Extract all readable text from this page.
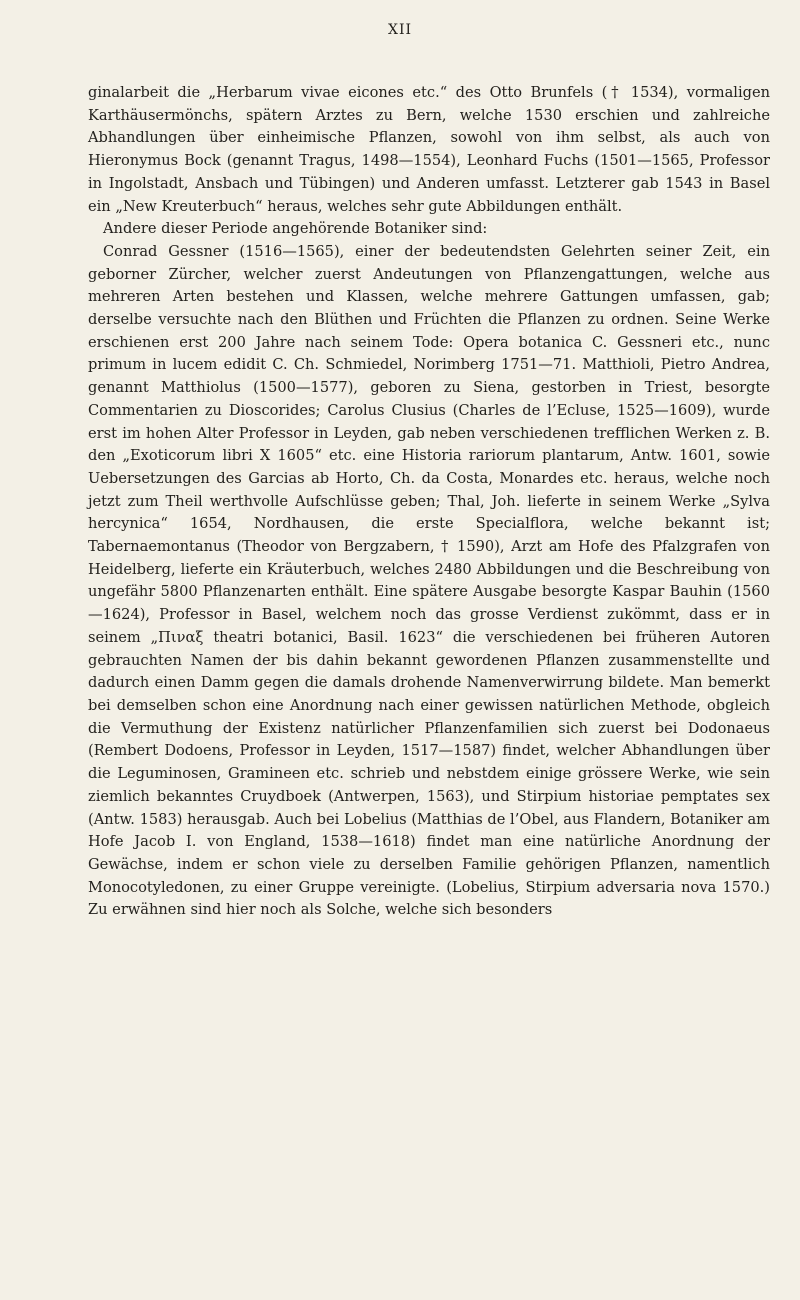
XII

ginalarbeit die „Herbarum vivae eicones etc.“ des Otto Brunfels († 1534), vormaligen Karthäusermönchs, spätern Arztes zu Bern, welche 1530 erschien und zahlreiche Abhandlungen über einheimische Pflanzen, sowohl von ihm selbst, als auch von Hieronymus Bock (genannt Tragus, 1498—1554), Leonhard Fuchs (1501—1565, Professor in Ingolstadt, Ansbach und Tübingen) und Anderen umfasst. Letzterer gab 1543 in Basel ein „New Kreuterbuch“ heraus, welches sehr gute Abbildungen enthält.

Andere dieser Periode angehörende Botaniker sind:

Conrad Gessner (1516—1565), einer der bedeutendsten Gelehrten seiner Zeit, ein geborner Zürcher, welcher zuerst Andeutungen von Pflanzengattungen, welche aus mehreren Arten bestehen und Klassen, welche mehrere Gattungen umfassen, gab; derselbe versuchte nach den Blüthen und Früchten die Pflanzen zu ordnen. Seine Werke erschienen erst 200 Jahre nach seinem Tode: Opera botanica C. Gessneri etc., nunc primum in lucem edidit C. Ch. Schmiedel, Norimberg 1751—71. Matthioli, Pietro Andrea, genannt Matthiolus (1500—1577), geboren zu Siena, gestorben in Triest, besorgte Commentarien zu Dioscorides; Carolus Clusius (Charles de l’Ecluse, 1525—1609), wurde erst im hohen Alter Professor in Leyden, gab neben verschiedenen trefflichen Werken z. B. den „Exoticorum libri X 1605“ etc. eine Historia rariorum plantarum, Antw. 1601, sowie Uebersetzungen des Garcias ab Horto, Ch. da Costa, Monardes etc. heraus, welche noch jetzt zum Theil werthvolle Aufschlüsse geben; Thal, Joh. lieferte in seinem Werke „Sylva hercynica“ 1654, Nordhausen, die erste Specialflora, welche bekannt ist; Tabernaemontanus (Theodor von Bergzabern, † 1590), Arzt am Hofe des Pfalzgrafen von Heidelberg, lieferte ein Kräuterbuch, welches 2480 Abbildungen und die Beschreibung von ungefähr 5800 Pflanzenarten enthält. Eine spätere Ausgabe besorgte Kaspar Bauhin (1560—1624), Professor in Basel, welchem noch das grosse Verdienst zukömmt, dass er in seinem „Πιναξ theatri botanici, Basil. 1623“ die verschiedenen bei früheren Autoren gebrauchten Namen der bis dahin bekannt gewordenen Pflanzen zusammenstellte und dadurch einen Damm gegen die damals drohende Namenverwirrung bildete. Man bemerkt bei demselben schon eine Anordnung nach einer gewissen natürlichen Methode, obgleich die Vermuthung der Existenz natürlicher Pflanzenfamilien sich zuerst bei Dodonaeus (Rembert Dodoens, Professor in Leyden, 1517—1587) findet, welcher Abhandlungen über die Leguminosen, Gramineen etc. schrieb und nebstdem einige grössere Werke, wie sein ziemlich bekanntes Cruydboek (Antwerpen, 1563), und Stirpium historiae pemptates sex (Antw. 1583) herausgab. Auch bei Lobelius (Matthias de l’Obel, aus Flandern, Botaniker am Hofe Jacob I. von England, 1538—1618) findet man eine natürliche Anordnung der Gewächse, indem er schon viele zu derselben Familie gehörigen Pflanzen, namentlich Monocotyledonen, zu einer Gruppe vereinigte. (Lobelius, Stirpium adversaria nova 1570.) Zu erwähnen sind hier noch als Solche, welche sich besonders
